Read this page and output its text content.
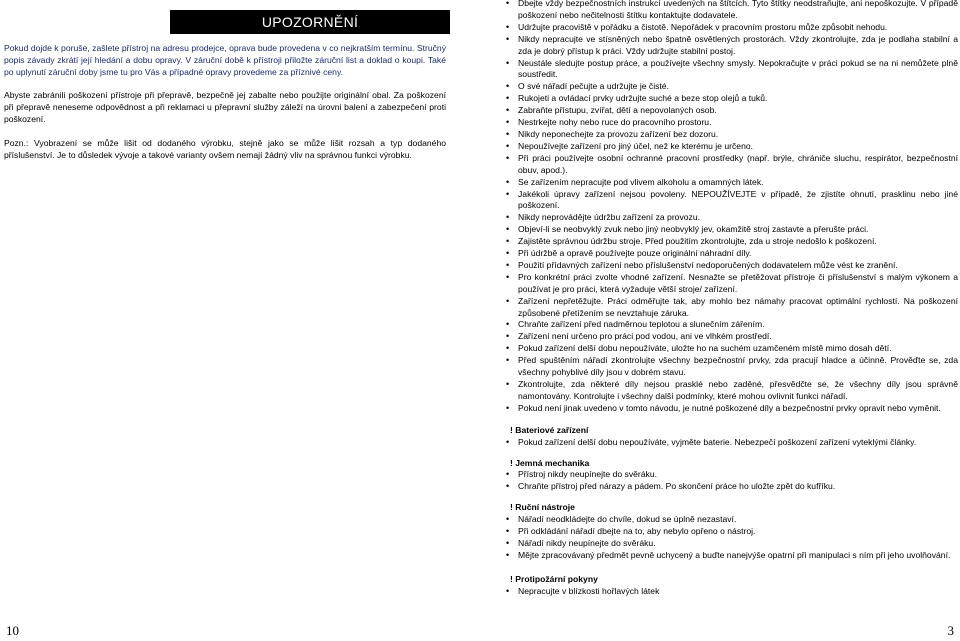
UPOZORNĚNÍ

Pokud dojde k poruše, zašlete přístroj na adresu prodejce, oprava bude provedena v co nejkratším termínu. Stručný popis závady zkrátí její hledání a dobu opravy. V záruční době k přístroji přiložte záruční list a doklad o koupi. Také po uplynutí záruční doby jsme tu pro Vás a případné opravy provedeme za příznivé ceny.

Abyste zabránili poškození přístroje při přepravě, bezpečně jej zabalte nebo použijte originální obal. Za poškození při přepravě neneseme odpovědnost a při reklamaci u přepravní služby záleží na úrovni balení a zabezpečení proti poškození.

Pozn.: Vyobrazení se může lišit od dodaného výrobku, stejně jako se může lišit rozsah a typ dodaného příslušenství. Je to důsledek vývoje a takové varianty ovšem nemají žádný vliv na správnou funkci výrobku.

• Dbejte vždy bezpečnostních instrukcí uvedených na štítcích. Tyto štítky neodstraňujte, ani nepoškozujte. V případě poškození nebo nečitelnosti štítku kontaktujte dodavatele.
• Udržujte pracoviště v pořádku a čistotě. Nepořádek v pracovním prostoru může způsobit nehodu.
• Nikdy nepracujte ve stísněných nebo špatně osvětlených prostorách. Vždy zkontrolujte, zda je podlaha stabilní a zda je dobrý přístup k práci. Vždy udržujte stabilní postoj.
• Neustále sledujte postup práce, a používejte všechny smysly. Nepokračujte v práci pokud se na ni nemůžete plně soustředit.
• O své nářadí pečujte a udržujte je čisté.
• Rukojeti a ovládací prvky udržujte suché a beze stop olejů a tuků.
• Zabraňte přístupu, zvířat, dětí a nepovolaných osob.
• Nestrkejte nohy nebo ruce do pracovního prostoru.
• Nikdy neponechejte za provozu zařízení bez dozoru.
• Nepoužívejte zařízení pro jiný účel, než ke kterému je určeno.
• Při práci používejte osobní ochranné pracovní prostředky (např. brýle, chrániče sluchu, respirátor, bezpečnostní obuv, apod.).
• Se zařízením nepracujte pod vlivem alkoholu a omamných látek.
• Jakékoli úpravy zařízení nejsou povoleny. NEPOUŽÍVEJTE v případě, že zjistíte ohnutí, prasklinu nebo jiné poškození.
• Nikdy neprovádějte údržbu zařízení za provozu.
• Objeví-li se neobvyklý zvuk nebo jiný neobvyklý jev, okamžitě stroj zastavte a přerušte práci.
• Zajistěte správnou údržbu stroje. Před použitím zkontrolujte, zda u stroje nedošlo k poškození.
• Při údržbě a opravě používejte pouze originální náhradní díly.
• Použití přídavných zařízení nebo příslušenství nedoporučených dodavatelem může vést ke zranění.
• Pro konkrétní práci zvolte vhodné zařízení. Nesnažte se přetěžovat přístroje či příslušenství s malým výkonem a používat je pro práci, která vyžaduje větší stroje/ zařízení.
• Zařízení nepřetěžujte. Práci odměřujte tak, aby mohlo bez námahy pracovat optimální rychlostí. Na poškození způsobené přetížením se nevztahuje záruka.
• Chraňte zařízení před nadměrnou teplotou a slunečním zářením.
• Zařízení není určeno pro práci pod vodou, ani ve vlhkém prostředí.
• Pokud zařízení delší dobu nepoužíváte, uložte ho na suchém uzamčeném místě mimo dosah dětí.
• Před spuštěním nářadí zkontrolujte všechny bezpečnostní prvky, zda pracují hladce a účinně. Prověďte se, zda všechny pohyblivé díly jsou v dobrém stavu.
• Zkontrolujte, zda některé díly nejsou prasklé nebo zaděné, přesvědčte se, že všechny díly jsou správně namontovány. Kontrolujte i všechny další podmínky, které mohou ovlivnit funkci nářadí.
• Pokud není jinak uvedeno v tomto návodu, je nutné poškozené díly a bezpečnostní prvky opravit nebo vyměnit.
! Bateriové zařízení
• Pokud zařízení delší dobu nepoužíváte, vyjměte baterie. Nebezpečí poškození zařízení vyteklými články.
! Jemná mechanika
• Přístroj nikdy neupínejte do svěráku.
• Chraňte přístroj před nárazy a pádem. Po skončení práce ho uložte zpět do kufříku.
! Ruční nástroje
• Nářadí neodkládejte do chvíle, dokud se úplně nezastaví.
• Při odkládání nářadí dbejte na to, aby nebylo opřeno o nástroj.
• Nářadí nikdy neupínejte do svěráku.
• Mějte zpracovávaný předmět pevně uchycený a buďte nanejvýše opatrní při manipulaci s ním při jeho uvolňování.
! Protipožární pokyny
• Nepracujte v blízkosti hořlavých látek
10	3
